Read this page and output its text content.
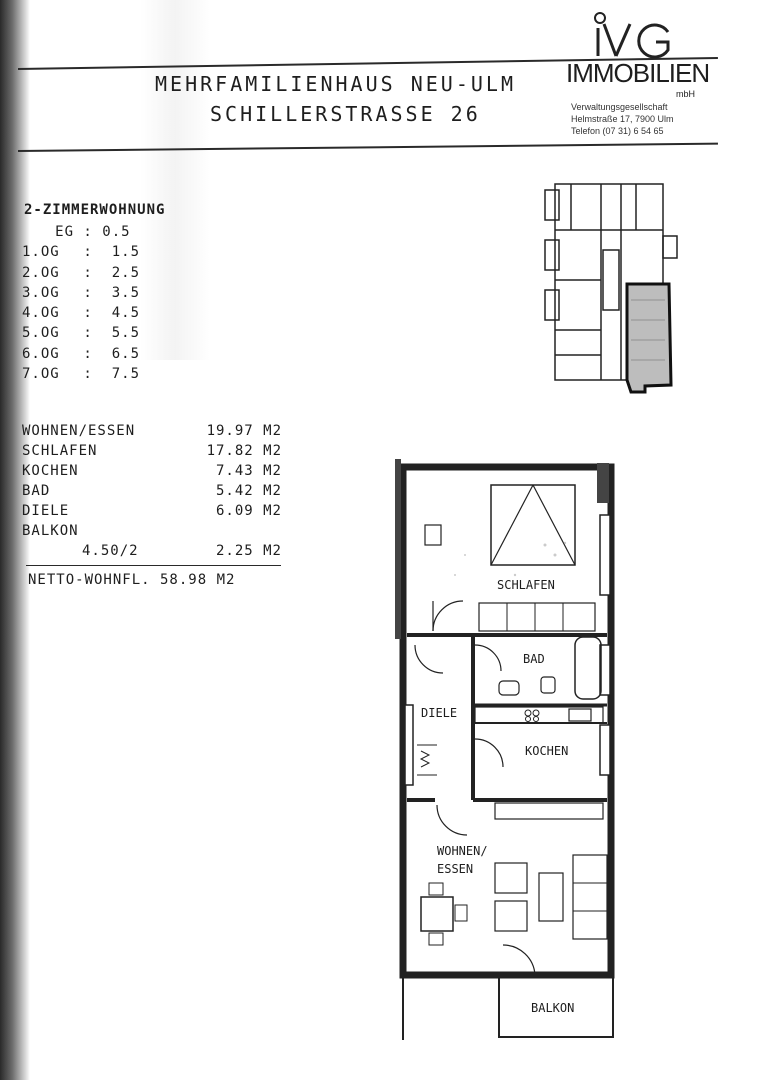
MEHRFAMILIENHAUS NEU-ULM
SCHILLERSTRASSE 26
IMMOBILIEN
mbH
Verwaltungsgesellschaft
Helmstraße 17, 7900 Ulm
Telefon (07 31) 6 54 65
2-ZIMMERWOHNUNG
EG : 0.5
1.OG :  1.5
2.OG :  2.5
3.OG :  3.5
4.OG :  4.5
5.OG :  5.5
6.OG :  6.5
7.OG :  7.5
WOHNEN/ESSEN	19.97 M2
SCHLAFEN	17.82 M2
KOCHEN	7.43 M2
BAD	5.42 M2
DIELE	6.09 M2
BALKON
4.50/2	2.25 M2
NETTO-WOHNFL. 58.98 M2	SCHLAFEN
BAD
DIELE
KOCHEN
WOHNEN/
ESSEN
BALKON
